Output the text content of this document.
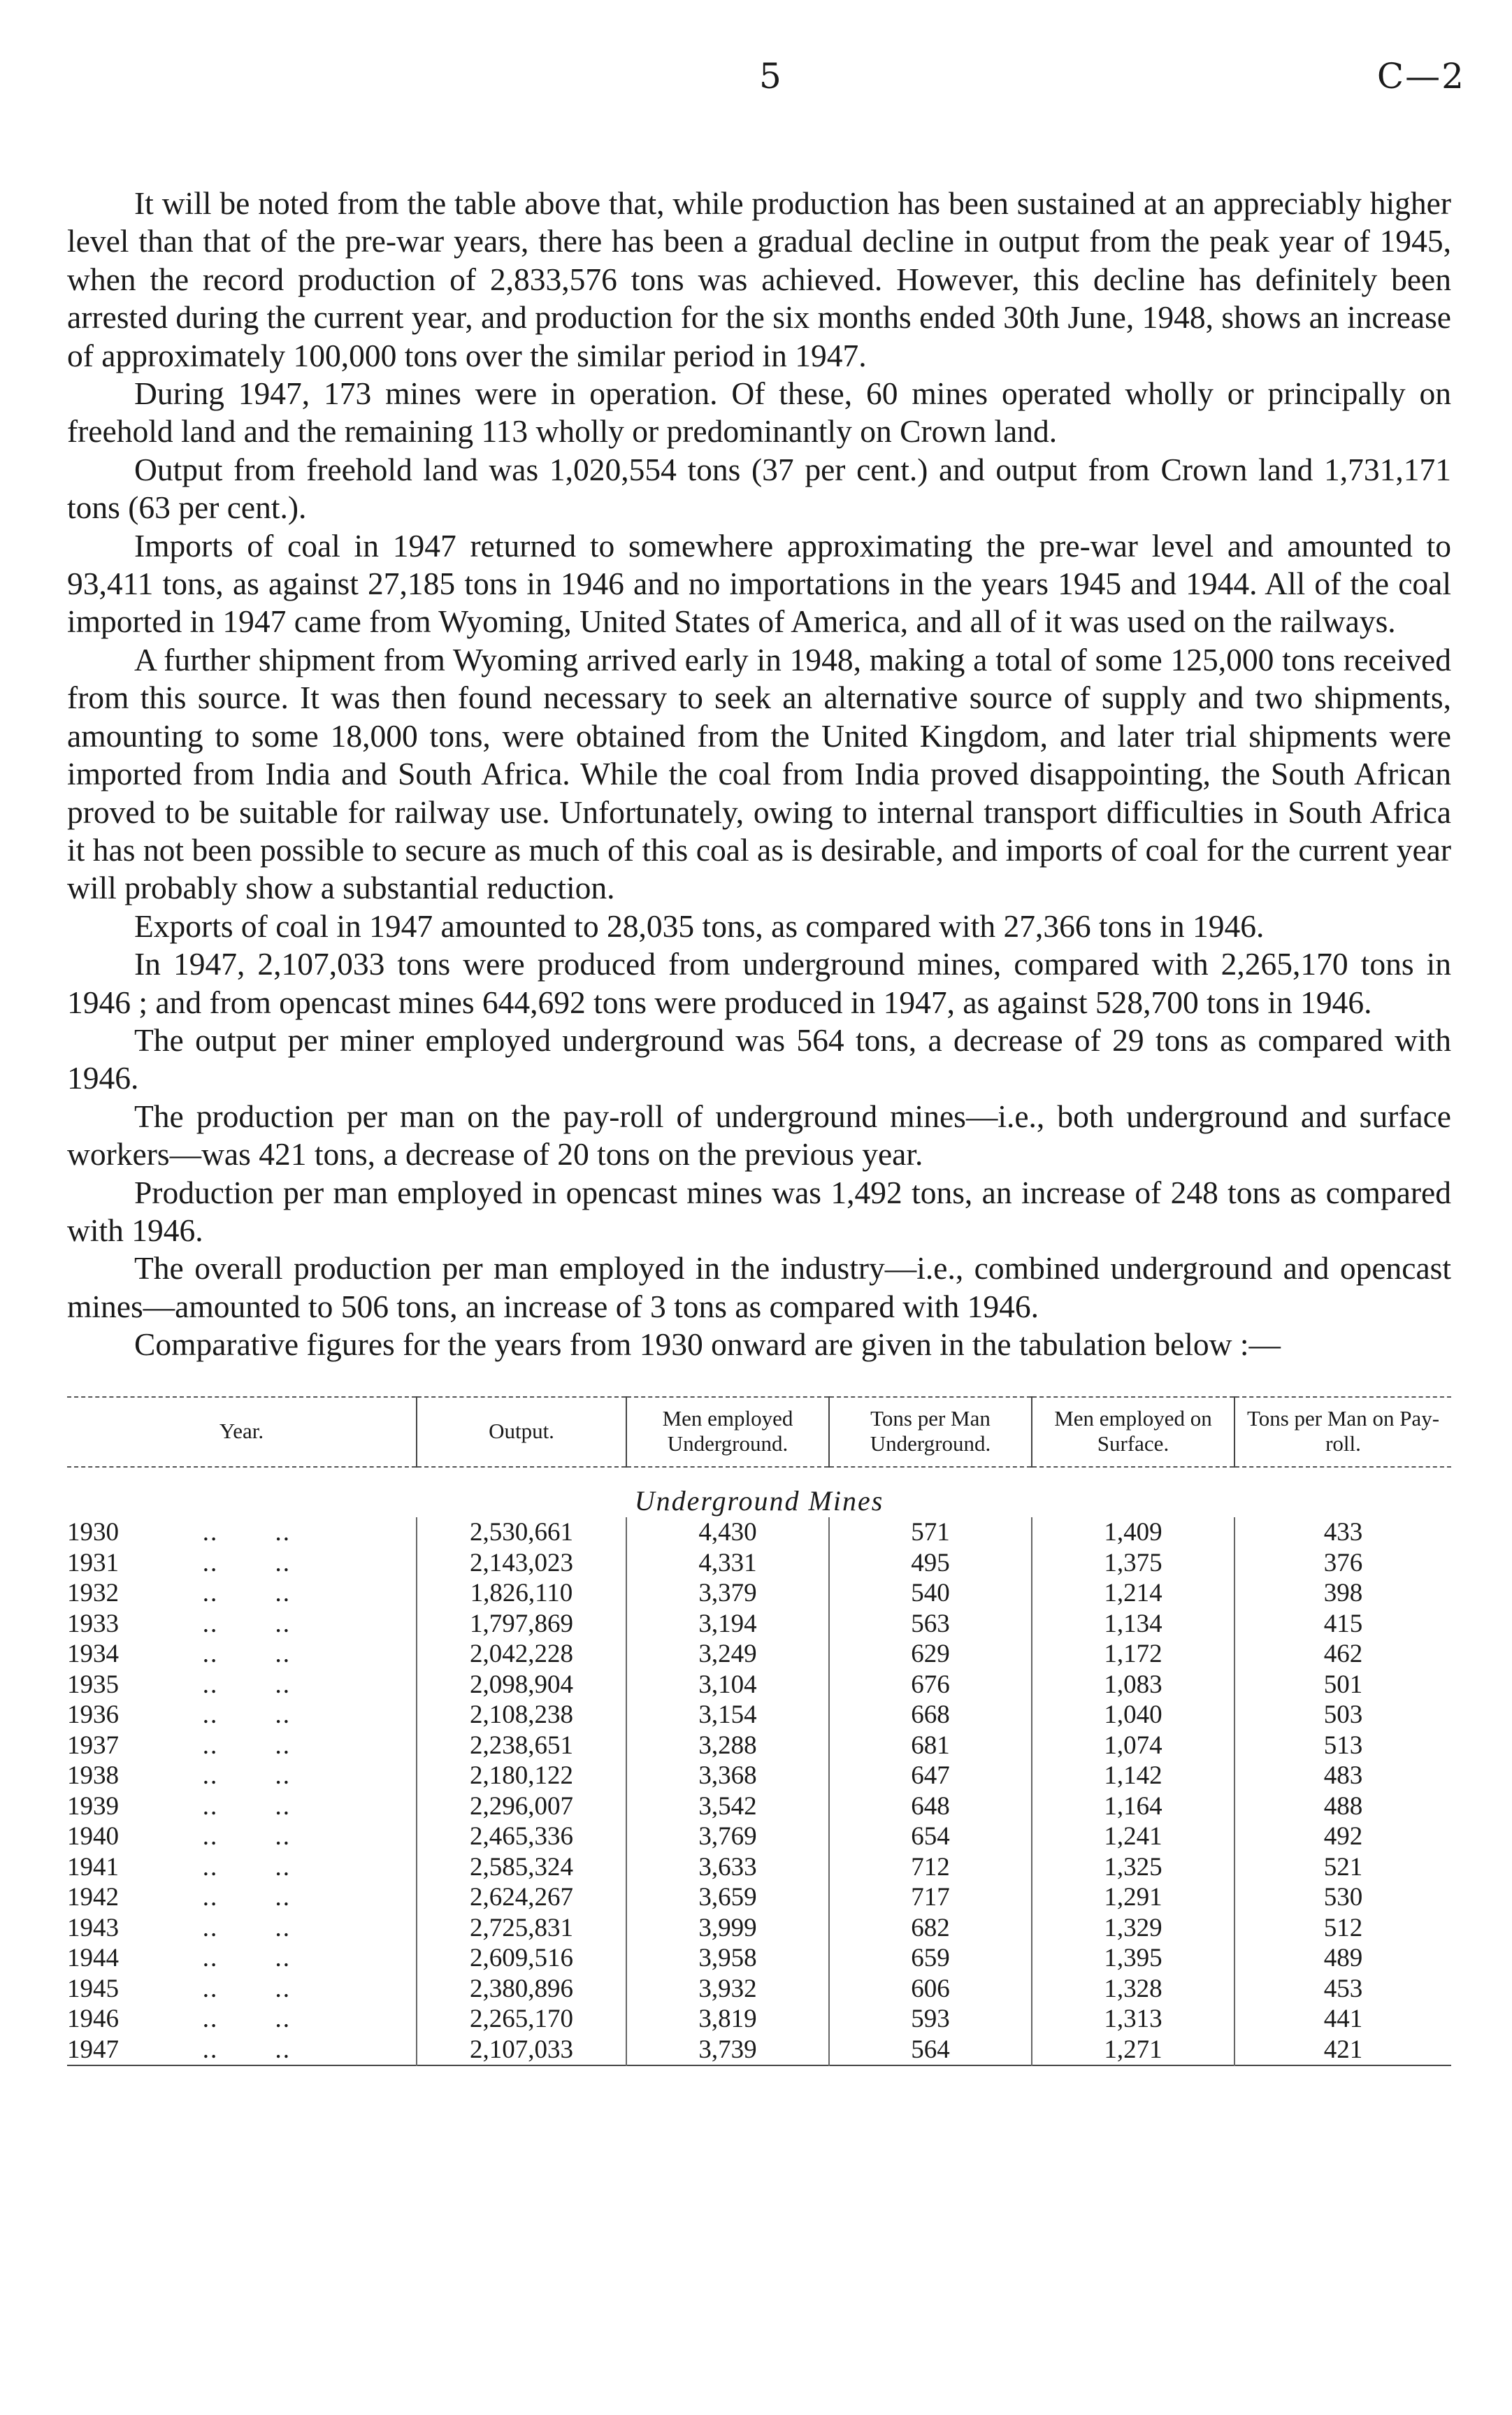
5	C—2

It will be noted from the table above that, while production has been sustained at an appreciably higher level than that of the pre-war years, there has been a gradual decline in output from the peak year of 1945, when the record production of 2,833,576 tons was achieved. However, this decline has definitely been arrested during the current year, and production for the six months ended 30th June, 1948, shows an increase of approximately 100,000 tons over the similar period in 1947.

During 1947, 173 mines were in operation. Of these, 60 mines operated wholly or principally on freehold land and the remaining 113 wholly or predominantly on Crown land.

Output from freehold land was 1,020,554 tons (37 per cent.) and output from Crown land 1,731,171 tons (63 per cent.).

Imports of coal in 1947 returned to somewhere approximating the pre-war level and amounted to 93,411 tons, as against 27,185 tons in 1946 and no importations in the years 1945 and 1944. All of the coal imported in 1947 came from Wyoming, United States of America, and all of it was used on the railways.

A further shipment from Wyoming arrived early in 1948, making a total of some 125,000 tons received from this source. It was then found necessary to seek an alternative source of supply and two shipments, amounting to some 18,000 tons, were obtained from the United Kingdom, and later trial shipments were imported from India and South Africa. While the coal from India proved disappointing, the South African proved to be suitable for railway use. Unfortunately, owing to internal transport difficulties in South Africa it has not been possible to secure as much of this coal as is desirable, and imports of coal for the current year will probably show a substantial reduction.

Exports of coal in 1947 amounted to 28,035 tons, as compared with 27,366 tons in 1946.

In 1947, 2,107,033 tons were produced from underground mines, compared with 2,265,170 tons in 1946 ; and from opencast mines 644,692 tons were produced in 1947, as against 528,700 tons in 1946.

The output per miner employed underground was 564 tons, a decrease of 29 tons as compared with 1946.

The production per man on the pay-roll of underground mines—i.e., both underground and surface workers—was 421 tons, a decrease of 20 tons on the previous year.

Production per man employed in opencast mines was 1,492 tons, an increase of 248 tons as compared with 1946.

The overall production per man employed in the industry—i.e., combined underground and opencast mines—amounted to 506 tons, an increase of 3 tons as compared with 1946.

Comparative figures for the years from 1930 onward are given in the tabulation below :—

Year.	Output.	Men employed Underground.	Tons per Man Underground.	Men employed on Surface.	Tons per Man on Pay-roll.
Underground Mines					
1930 .. ..	2,530,661	4,430	571	1,409	433
1931 .. ..	2,143,023	4,331	495	1,375	376
1932 .. ..	1,826,110	3,379	540	1,214	398
1933 .. ..	1,797,869	3,194	563	1,134	415
1934 .. ..	2,042,228	3,249	629	1,172	462
1935 .. ..	2,098,904	3,104	676	1,083	501
1936 .. ..	2,108,238	3,154	668	1,040	503
1937 .. ..	2,238,651	3,288	681	1,074	513
1938 .. ..	2,180,122	3,368	647	1,142	483
1939 .. ..	2,296,007	3,542	648	1,164	488
1940 .. ..	2,465,336	3,769	654	1,241	492
1941 .. ..	2,585,324	3,633	712	1,325	521
1942 .. ..	2,624,267	3,659	717	1,291	530
1943 .. ..	2,725,831	3,999	682	1,329	512
1944 .. ..	2,609,516	3,958	659	1,395	489
1945 .. ..	2,380,896	3,932	606	1,328	453
1946 .. ..	2,265,170	3,819	593	1,313	441
1947 .. ..	2,107,033	3,739	564	1,271	421
